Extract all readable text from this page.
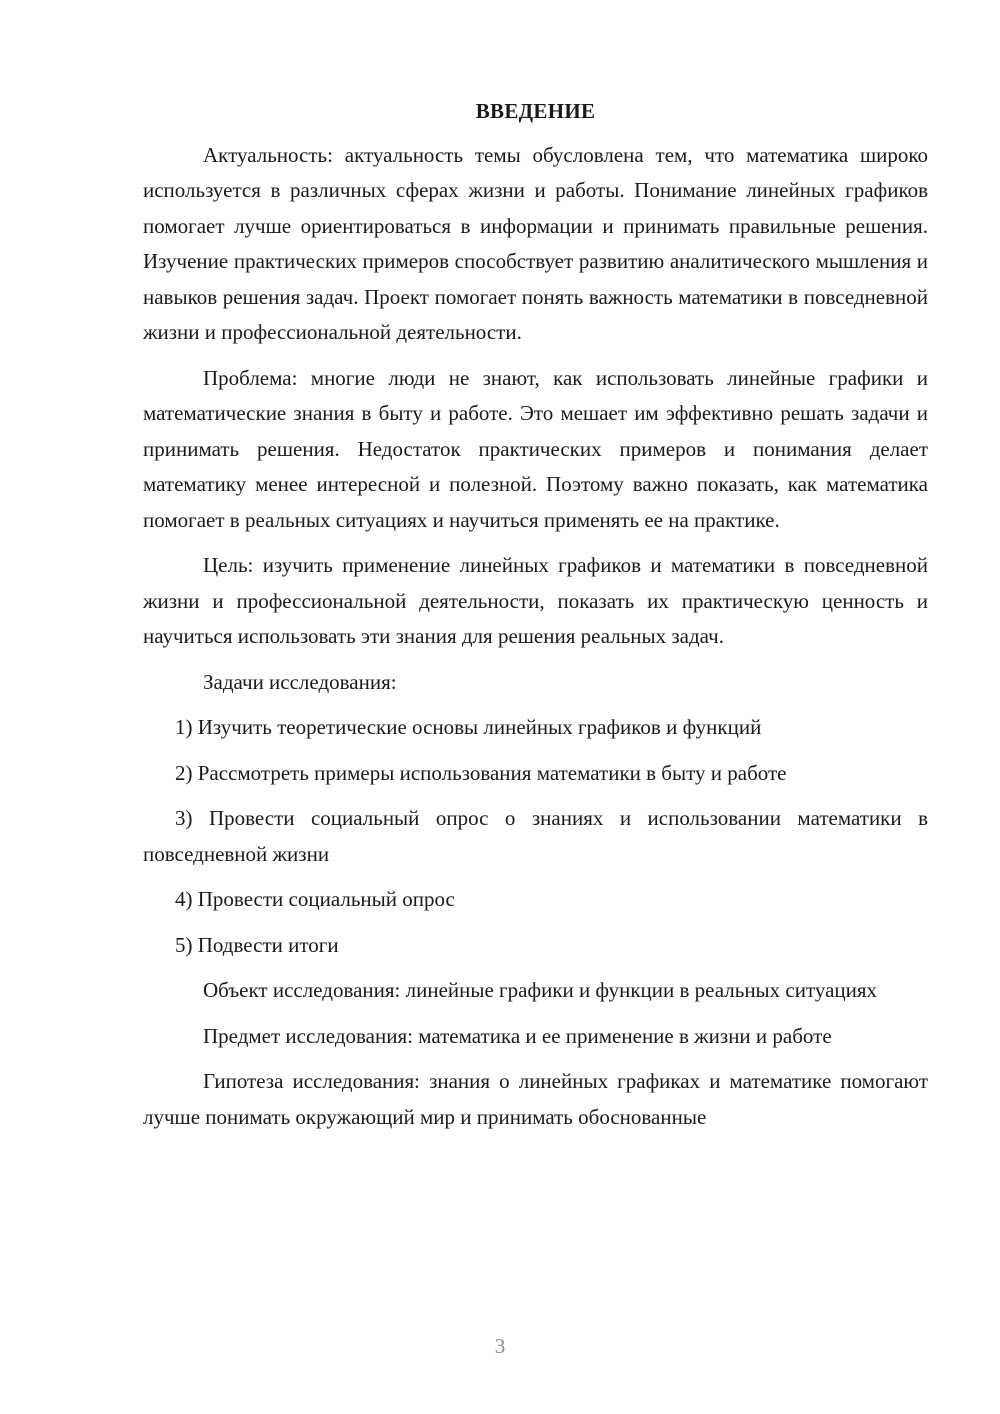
ВВЕДЕНИЕ

Актуальность: актуальность темы обусловлена тем, что математика широко используется в различных сферах жизни и работы. Понимание линейных графиков помогает лучше ориентироваться в информации и принимать правильные решения. Изучение практических примеров способствует развитию аналитического мышления и навыков решения задач. Проект помогает понять важность математики в повседневной жизни и профессиональной деятельности.

Проблема: многие люди не знают, как использовать линейные графики и математические знания в быту и работе. Это мешает им эффективно решать задачи и принимать решения. Недостаток практических примеров и понимания делает математику менее интересной и полезной. Поэтому важно показать, как математика помогает в реальных ситуациях и научиться применять ее на практике.

Цель: изучить применение линейных графиков и математики в повседневной жизни и профессиональной деятельности, показать их практическую ценность и научиться использовать эти знания для решения реальных задач.

Задачи исследования:

1) Изучить теоретические основы линейных графиков и функций

2) Рассмотреть примеры использования математики в быту и работе

3) Провести социальный опрос о знаниях и использовании математики в повседневной жизни

4) Провести социальный опрос

5) Подвести итоги

Объект исследования: линейные графики и функции в реальных ситуациях

Предмет исследования: математика и ее применение в жизни и работе

Гипотеза исследования: знания о линейных графиках и математике помогают лучше понимать окружающий мир и принимать обоснованные

3
